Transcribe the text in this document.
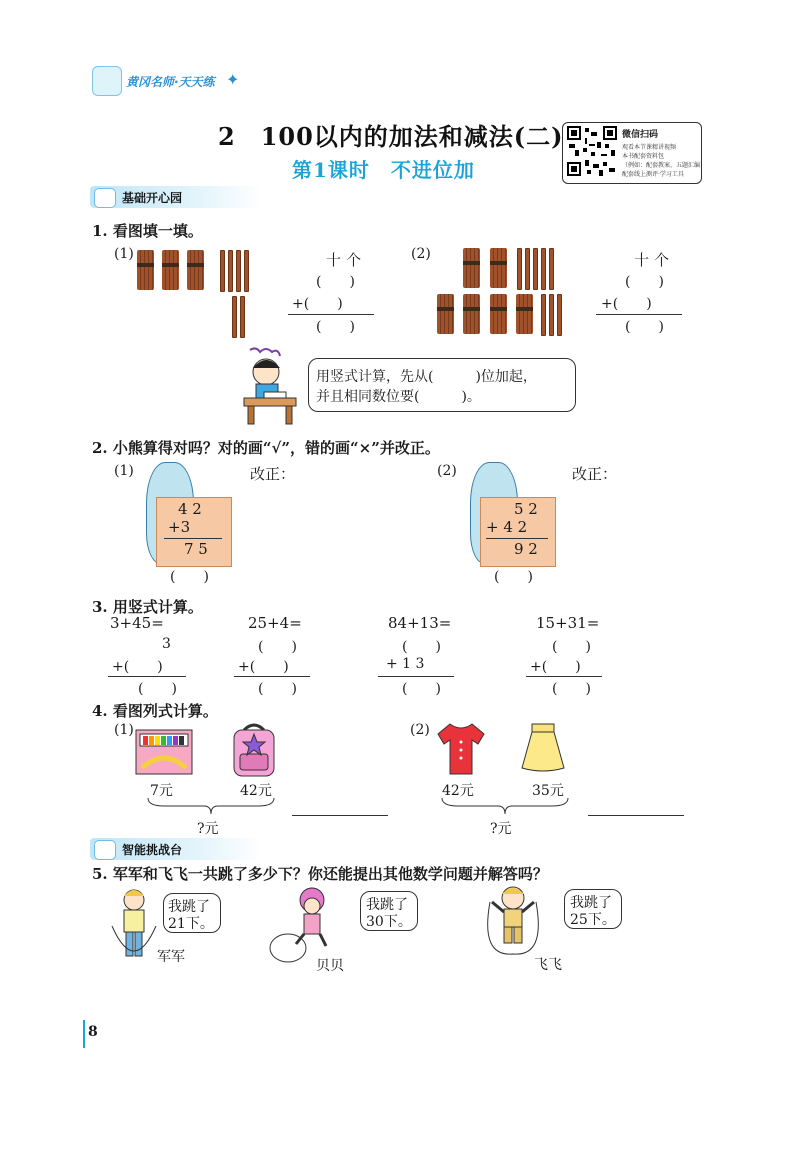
黄冈名师·天天练 ✦
2　100以内的加法和减法(二)
第1课时　不进位加
微信扫码
观看本节课精讲视频
本书配套资料包
（例如：配套教案、五题汇编）
配套线上测评·学习工具
基础开心园
1. 看图填一填。
(1)	十 个
(　　)
+(　　)
(　　)
(2)	十 个
(　　)
+(　　)
(　　)
用竖式计算，先从(　　　)位加起，
并且相同数位要(　　　)。
2. 小熊算得对吗？对的画“√”，错的画“×”并改正。
(1)	改正：
4 2
+3
7 5
(　　)
(2)	改正：
5 2
+ 4 2
9 2
(　　)
3. 用竖式计算。
3+45=
3
+(　　)
(　　)
25+4=
(　　)
+(　　)
(　　)
84+13=
(　　)
+ 1 3
(　　)
15+31=
(　　)
+(　　)
(　　)
4. 看图列式计算。
(1)
7元	42元
?元
(2)
42元	35元
?元
智能挑战台
5. 军军和飞飞一共跳了多少下？你还能提出其他数学问题并解答吗？
我跳了
21下。
军军
我跳了
30下。
贝贝
我跳了
25下。
飞飞
8
